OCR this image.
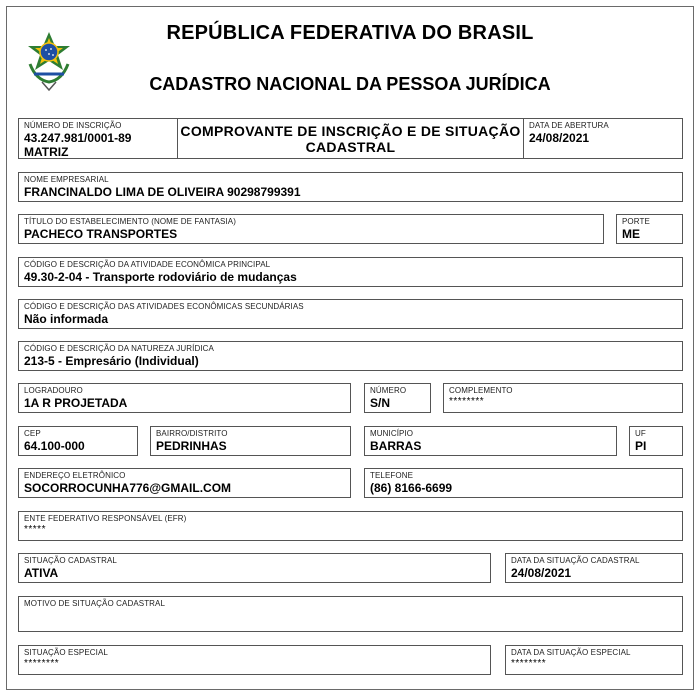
REPÚBLICA FEDERATIVA DO BRASIL
CADASTRO NACIONAL DA PESSOA JURÍDICA
NÚMERO DE INSCRIÇÃO
43.247.981/0001-89
MATRIZ
COMPROVANTE DE INSCRIÇÃO E DE SITUAÇÃO CADASTRAL
DATA DE ABERTURA
24/08/2021
NOME EMPRESARIAL
FRANCINALDO LIMA DE OLIVEIRA 90298799391
TÍTULO DO ESTABELECIMENTO (NOME DE FANTASIA)
PACHECO TRANSPORTES
PORTE
ME
CÓDIGO E DESCRIÇÃO DA ATIVIDADE ECONÔMICA PRINCIPAL
49.30-2-04 - Transporte rodoviário de mudanças
CÓDIGO E DESCRIÇÃO DAS ATIVIDADES ECONÔMICAS SECUNDÁRIAS
Não informada
CÓDIGO E DESCRIÇÃO DA NATUREZA JURÍDICA
213-5 - Empresário (Individual)
LOGRADOURO
1A R PROJETADA
NÚMERO
S/N
COMPLEMENTO
********
CEP
64.100-000
BAIRRO/DISTRITO
PEDRINHAS
MUNICÍPIO
BARRAS
UF
PI
ENDEREÇO ELETRÔNICO
SOCORROCUNHA776@GMAIL.COM
TELEFONE
(86) 8166-6699
ENTE FEDERATIVO RESPONSÁVEL (EFR)
*****
SITUAÇÃO CADASTRAL
ATIVA
DATA DA SITUAÇÃO CADASTRAL
24/08/2021
MOTIVO DE SITUAÇÃO CADASTRAL
SITUAÇÃO ESPECIAL
********
DATA DA SITUAÇÃO ESPECIAL
********
